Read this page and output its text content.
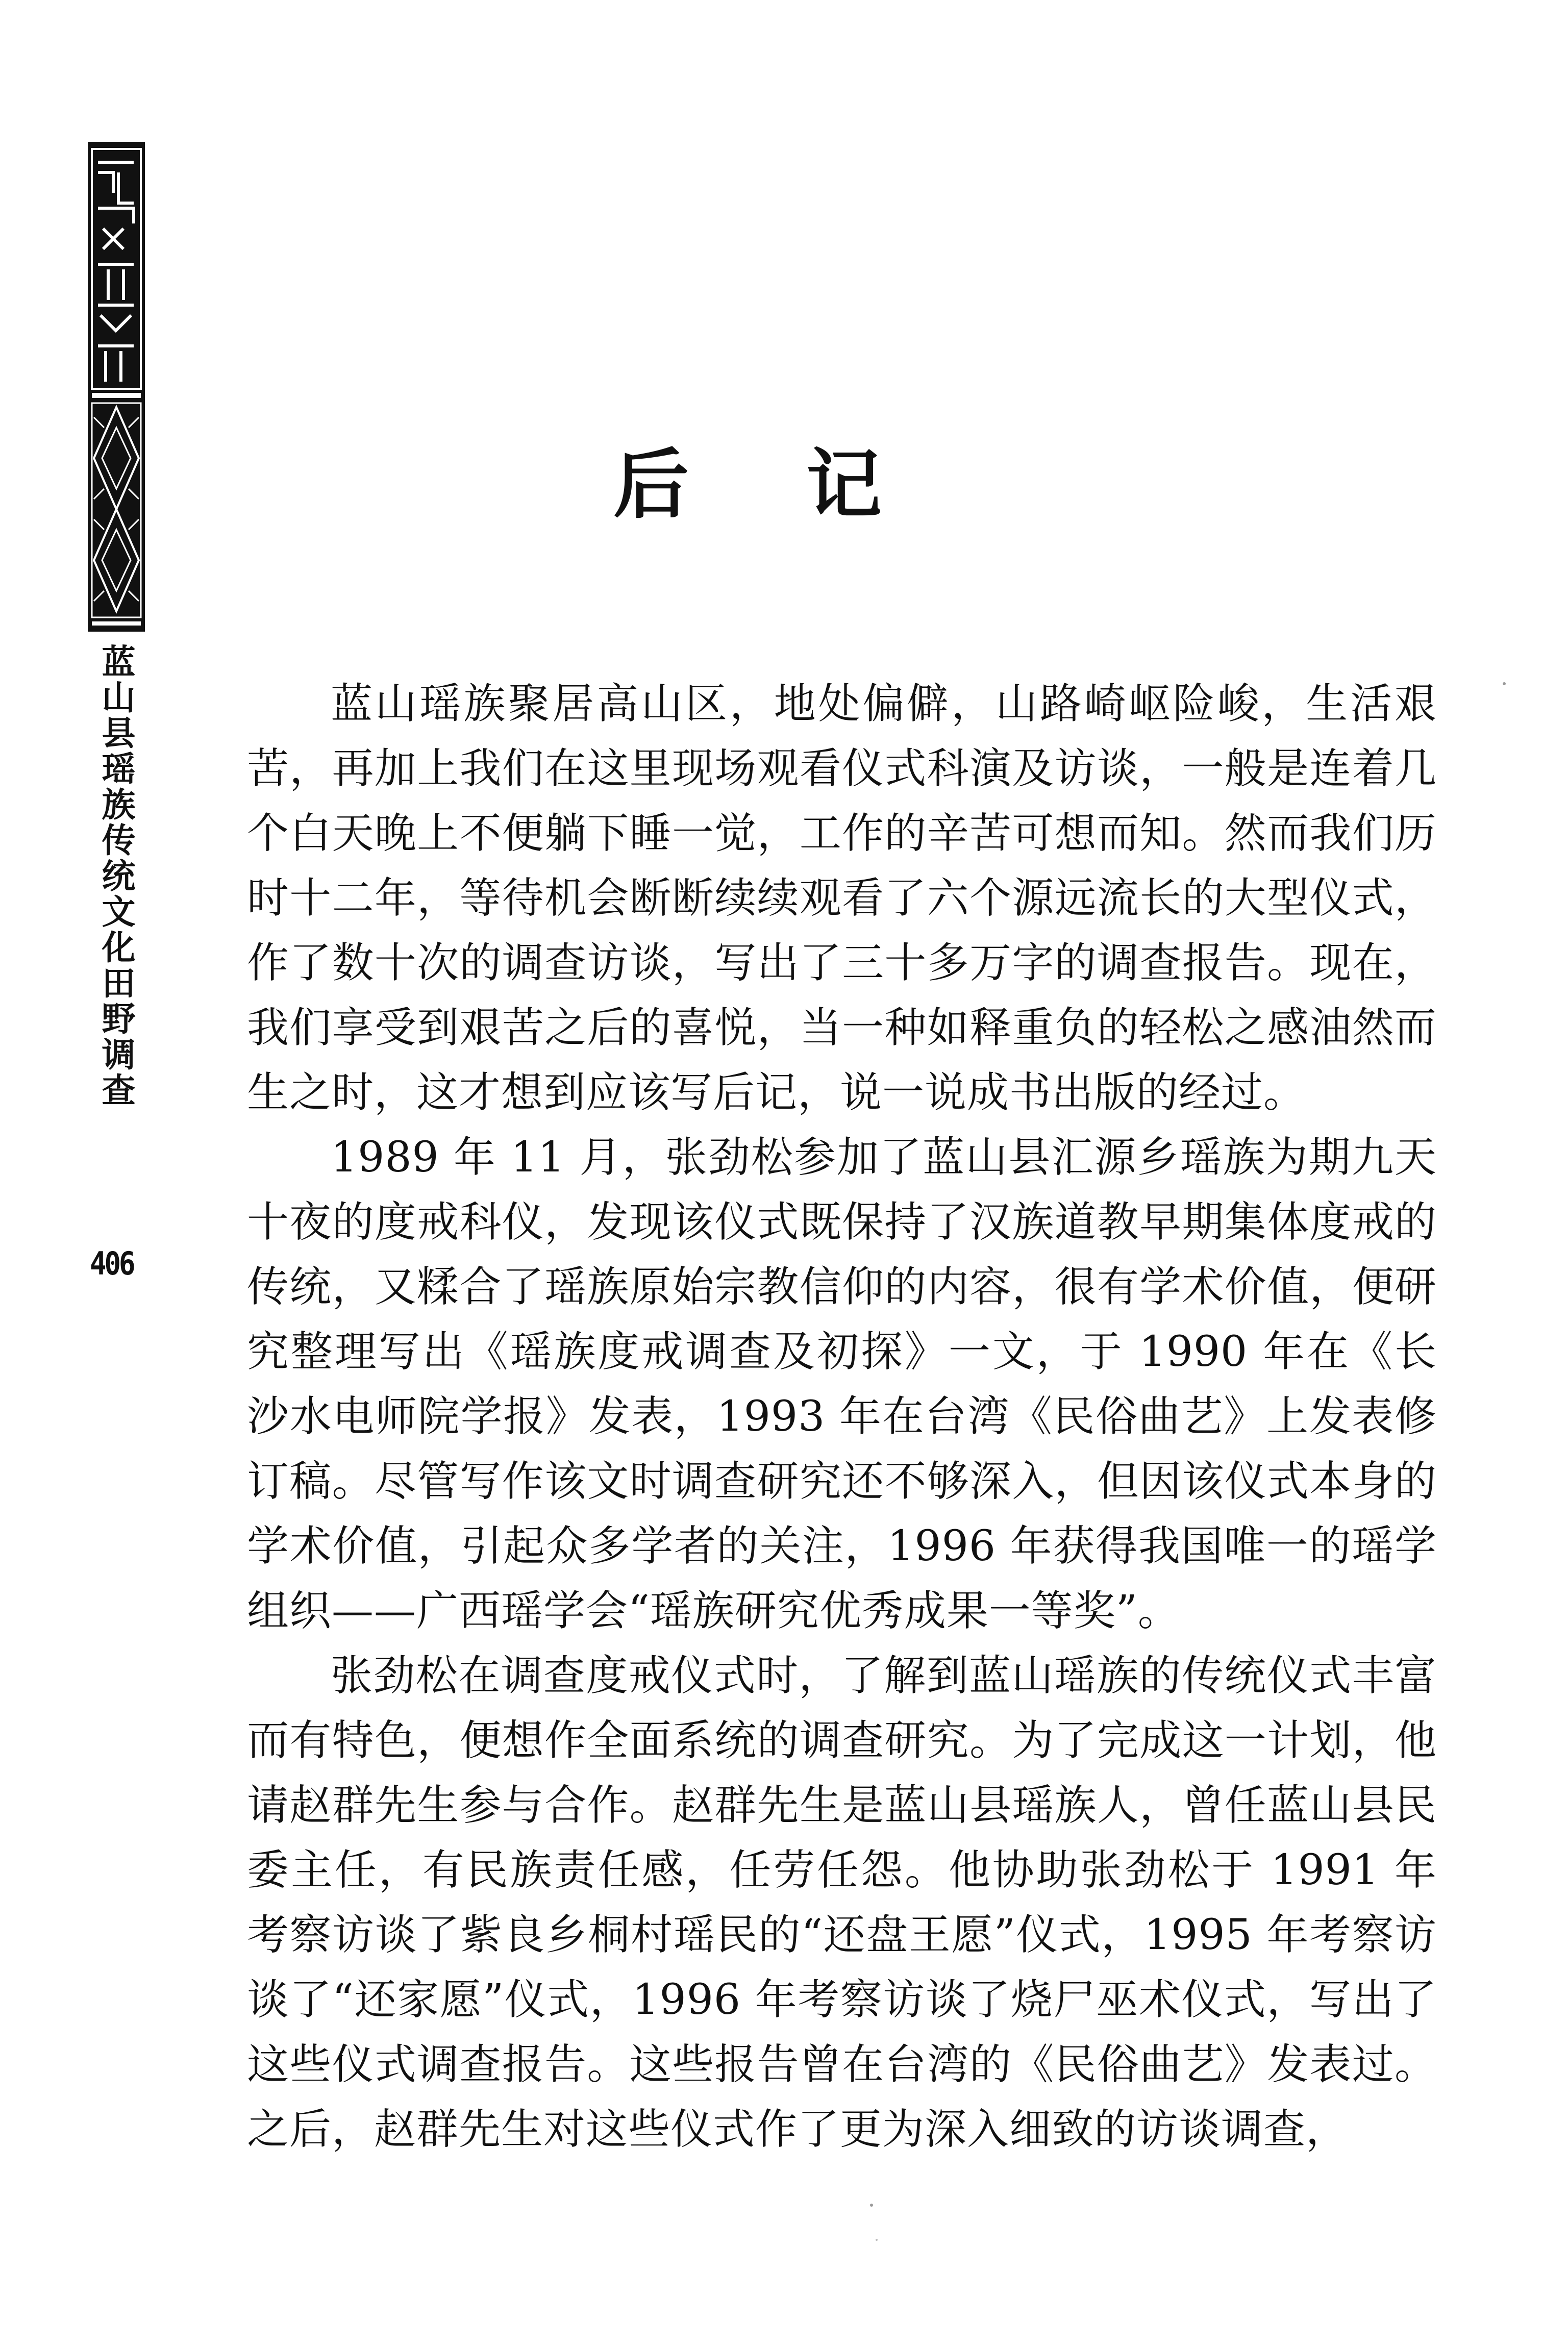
蓝山县瑶族传统文化田野调查
406
后记

蓝山瑶族聚居高山区，地处偏僻，山路崎岖险峻，生活艰苦，再加上我们在这里现场观看仪式科演及访谈，一般是连着几个白天晚上不便躺下睡一觉，工作的辛苦可想而知。然而我们历时十二年，等待机会断断续续观看了六个源远流长的大型仪式，作了数十次的调查访谈，写出了三十多万字的调查报告。现在，我们享受到艰苦之后的喜悦，当一种如释重负的轻松之感油然而生之时，这才想到应该写后记，说一说成书出版的经过。

1989 年 11 月，张劲松参加了蓝山县汇源乡瑶族为期九天十夜的度戒科仪，发现该仪式既保持了汉族道教早期集体度戒的传统，又糅合了瑶族原始宗教信仰的内容，很有学术价值，便研究整理写出《瑶族度戒调查及初探》一文，于 1990 年在《长沙水电师院学报》发表，1993 年在台湾《民俗曲艺》上发表修订稿。尽管写作该文时调查研究还不够深入，但因该仪式本身的学术价值，引起众多学者的关注，1996 年获得我国唯一的瑶学组织——广西瑶学会“瑶族研究优秀成果一等奖”。

张劲松在调查度戒仪式时，了解到蓝山瑶族的传统仪式丰富而有特色，便想作全面系统的调查研究。为了完成这一计划，他请赵群先生参与合作。赵群先生是蓝山县瑶族人，曾任蓝山县民委主任，有民族责任感，任劳任怨。他协助张劲松于 1991 年考察访谈了紫良乡桐村瑶民的“还盘王愿”仪式，1995 年考察访谈了“还家愿”仪式，1996 年考察访谈了烧尸巫术仪式，写出了这些仪式调查报告。这些报告曾在台湾的《民俗曲艺》发表过。之后，赵群先生对这些仪式作了更为深入细致的访谈调查，
